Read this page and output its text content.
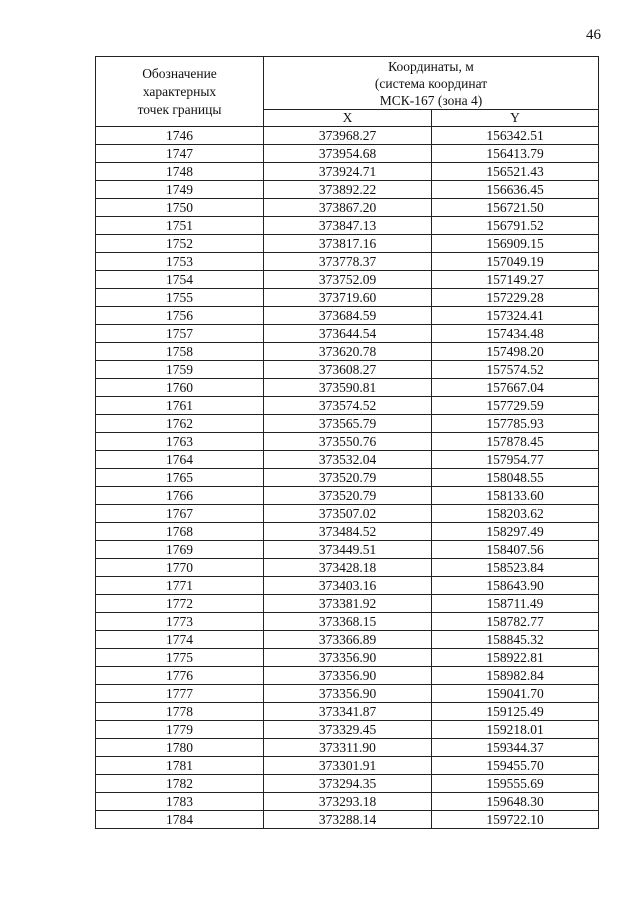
46
Обозначение
характерных
точек границы	Координаты, м
(система координат
МСК-167 (зона 4)	

	X	Y
1746	373968.27	156342.51
1747	373954.68	156413.79
1748	373924.71	156521.43
1749	373892.22	156636.45
1750	373867.20	156721.50
1751	373847.13	156791.52
1752	373817.16	156909.15
1753	373778.37	157049.19
1754	373752.09	157149.27
1755	373719.60	157229.28
1756	373684.59	157324.41
1757	373644.54	157434.48
1758	373620.78	157498.20
1759	373608.27	157574.52
1760	373590.81	157667.04
1761	373574.52	157729.59
1762	373565.79	157785.93
1763	373550.76	157878.45
1764	373532.04	157954.77
1765	373520.79	158048.55
1766	373520.79	158133.60
1767	373507.02	158203.62
1768	373484.52	158297.49
1769	373449.51	158407.56
1770	373428.18	158523.84
1771	373403.16	158643.90
1772	373381.92	158711.49
1773	373368.15	158782.77
1774	373366.89	158845.32
1775	373356.90	158922.81
1776	373356.90	158982.84
1777	373356.90	159041.70
1778	373341.87	159125.49
1779	373329.45	159218.01
1780	373311.90	159344.37
1781	373301.91	159455.70
1782	373294.35	159555.69
1783	373293.18	159648.30
1784	373288.14	159722.10
